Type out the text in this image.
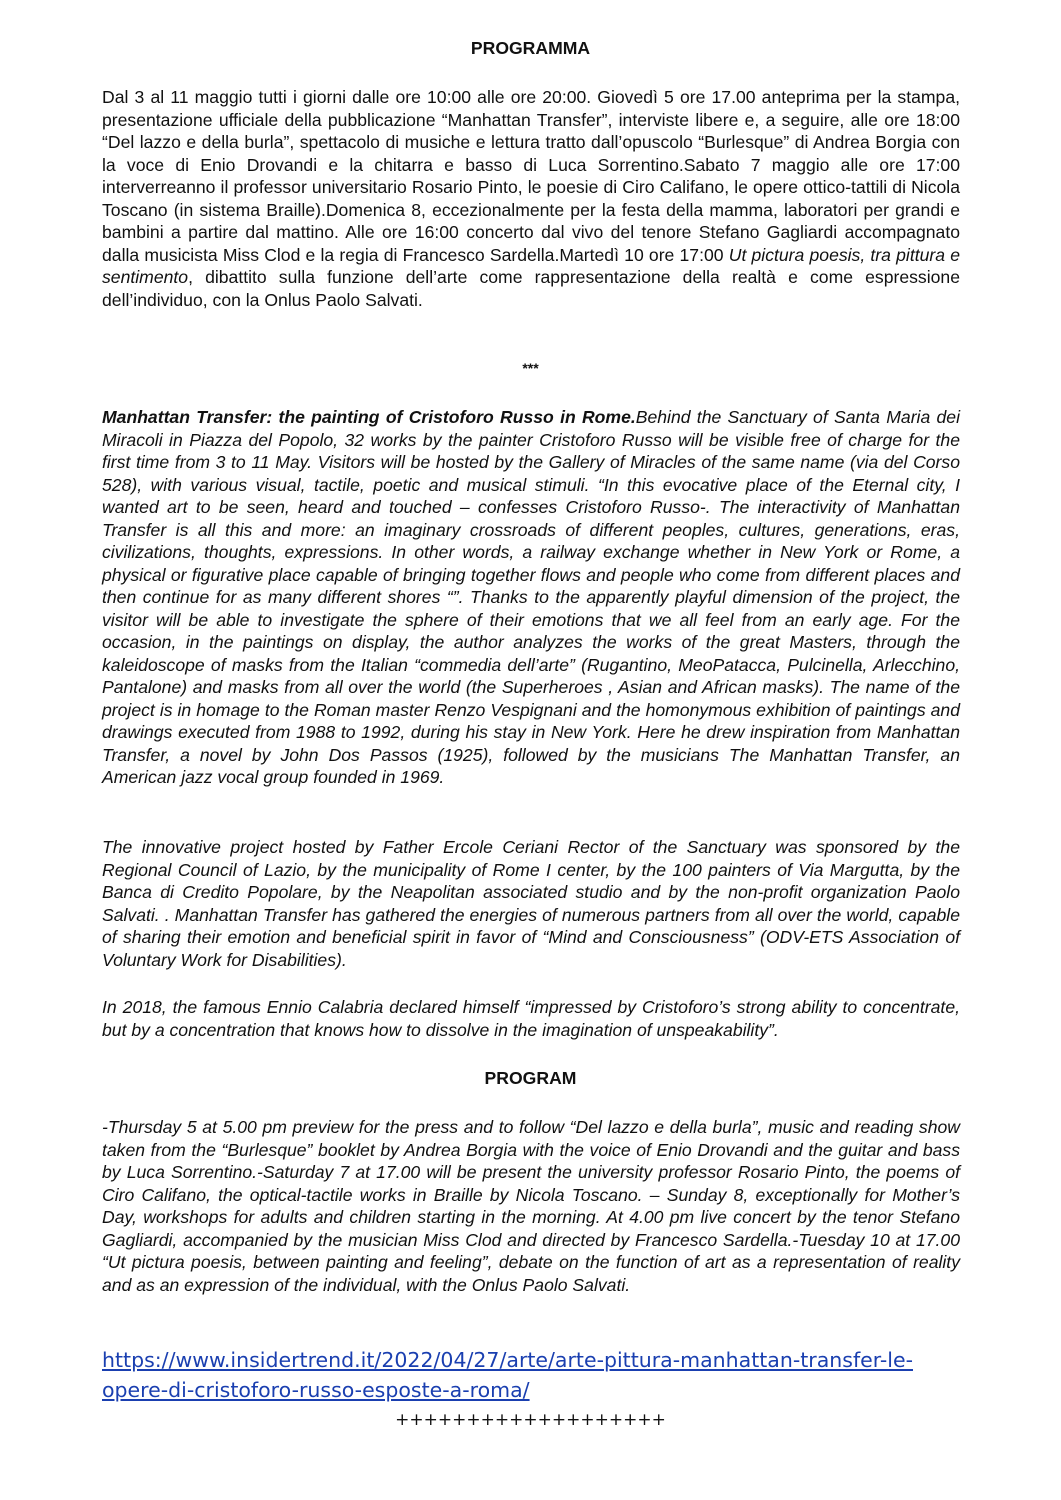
PROGRAMMA

Dal 3 al 11 maggio tutti i giorni dalle ore 10:00 alle ore 20:00. Giovedì 5 ore 17.00 anteprima per la stampa, presentazione ufficiale della pubblicazione “Manhattan Transfer”, interviste libere e, a seguire, alle ore 18:00 “Del lazzo e della burla”, spettacolo di musiche e lettura tratto dall’opuscolo “Burlesque” di Andrea Borgia con la voce di Enio Drovandi e la chitarra e basso di Luca Sorrentino.Sabato 7 maggio alle ore 17:00 interverreanno il professor universitario Rosario Pinto, le poesie di Ciro Califano, le opere ottico-tattili di Nicola Toscano (in sistema Braille).Domenica 8, eccezionalmente per la festa della mamma, laboratori per grandi e bambini a partire dal mattino. Alle ore 16:00 concerto dal vivo del tenore Stefano Gagliardi accompagnato dalla musicista Miss Clod e la regia di Francesco Sardella.Martedì 10 ore 17:00 Ut pictura poesis, tra pittura e sentimento, dibattito sulla funzione dell’arte come rappresentazione della realtà e come espressione dell’individuo, con la Onlus Paolo Salvati.

***

Manhattan Transfer: the painting of Cristoforo Russo in Rome.Behind the Sanctuary of Santa Maria dei Miracoli in Piazza del Popolo, 32 works by the painter Cristoforo Russo will be visible free of charge for the first time from 3 to 11 May. Visitors will be hosted by the Gallery of Miracles of the same name (via del Corso 528), with various visual, tactile, poetic and musical stimuli. “In this evocative place of the Eternal city, I wanted art to be seen, heard and touched – confesses Cristoforo Russo-. The interactivity of Manhattan Transfer is all this and more: an imaginary crossroads of different peoples, cultures, generations, eras, civilizations, thoughts, expressions. In other words, a railway exchange whether in New York or Rome, a physical or figurative place capable of bringing together flows and people who come from different places and then continue for as many different shores “”. Thanks to the apparently playful dimension of the project, the visitor will be able to investigate the sphere of their emotions that we all feel from an early age. For the occasion, in the paintings on display, the author analyzes the works of the great Masters, through the kaleidoscope of masks from the Italian “commedia dell’arte” (Rugantino, MeoPatacca, Pulcinella, Arlecchino, Pantalone) and masks from all over the world (the Superheroes , Asian and African masks). The name of the project is in homage to the Roman master Renzo Vespignani and the homonymous exhibition of paintings and drawings executed from 1988 to 1992, during his stay in New York. Here he drew inspiration from Manhattan Transfer, a novel by John Dos Passos (1925), followed by the musicians The Manhattan Transfer, an American jazz vocal group founded in 1969.

The innovative project hosted by Father Ercole Ceriani Rector of the Sanctuary was sponsored by the Regional Council of Lazio, by the municipality of Rome I center, by the 100 painters of Via Margutta, by the Banca di Credito Popolare, by the Neapolitan associated studio and by the non-profit organization Paolo Salvati. . Manhattan Transfer has gathered the energies of numerous partners from all over the world, capable of sharing their emotion and beneficial spirit in favor of “Mind and Consciousness” (ODV-ETS Association of Voluntary Work for Disabilities).

In 2018, the famous Ennio Calabria declared himself “impressed by Cristoforo’s strong ability to concentrate, but by a concentration that knows how to dissolve in the imagination of unspeakability”.

PROGRAM

-Thursday 5 at 5.00 pm preview for the press and to follow “Del lazzo e della burla”, music and reading show taken from the “Burlesque” booklet by Andrea Borgia with the voice of Enio Drovandi and the guitar and bass by Luca Sorrentino.-Saturday 7 at 17.00 will be present the university professor Rosario Pinto, the poems of Ciro Califano, the optical-tactile works in Braille by Nicola Toscano. – Sunday 8, exceptionally for Mother’s Day, workshops for adults and children starting in the morning. At 4.00 pm live concert by the tenor Stefano Gagliardi, accompanied by the musician Miss Clod and directed by Francesco Sardella.-Tuesday 10 at 17.00 “Ut pictura poesis, between painting and feeling”, debate on the function of art as a representation of reality and as an expression of the individual, with the Onlus Paolo Salvati.

https://www.insidertrend.it/2022/04/27/arte/arte-pittura-manhattan-transfer-le-
opere-di-cristoforo-russo-esposte-a-roma/
+++++++++++++++++++
